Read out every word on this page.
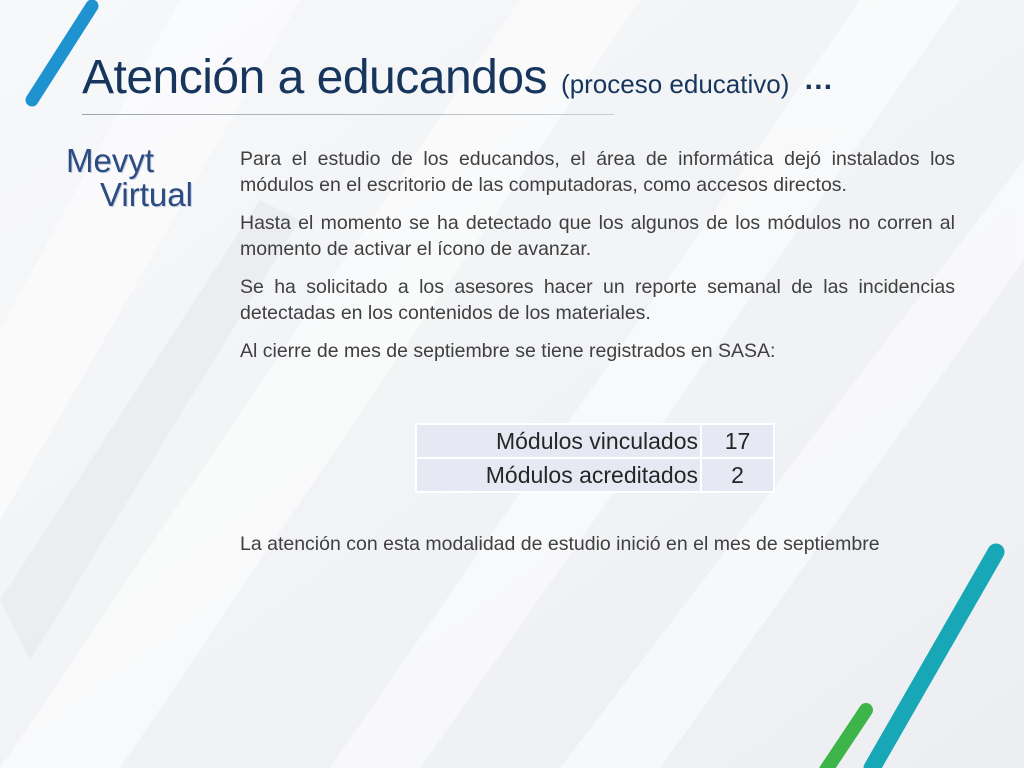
Atención a educandos (proceso educativo) …
Mevyt
Virtual

Para el estudio de los educandos, el área de informática dejó instalados los módulos en el escritorio de las computadoras, como accesos directos.

Hasta el momento se ha detectado que los algunos de los módulos no corren al momento de activar el ícono de avanzar.

Se ha solicitado a los asesores hacer un reporte semanal de las incidencias detectadas en los contenidos de los materiales.

Al cierre de mes de septiembre se tiene registrados en SASA:

Módulos vinculados	17
Módulos acreditados	2

La atención con esta modalidad de estudio inició en el mes de septiembre
